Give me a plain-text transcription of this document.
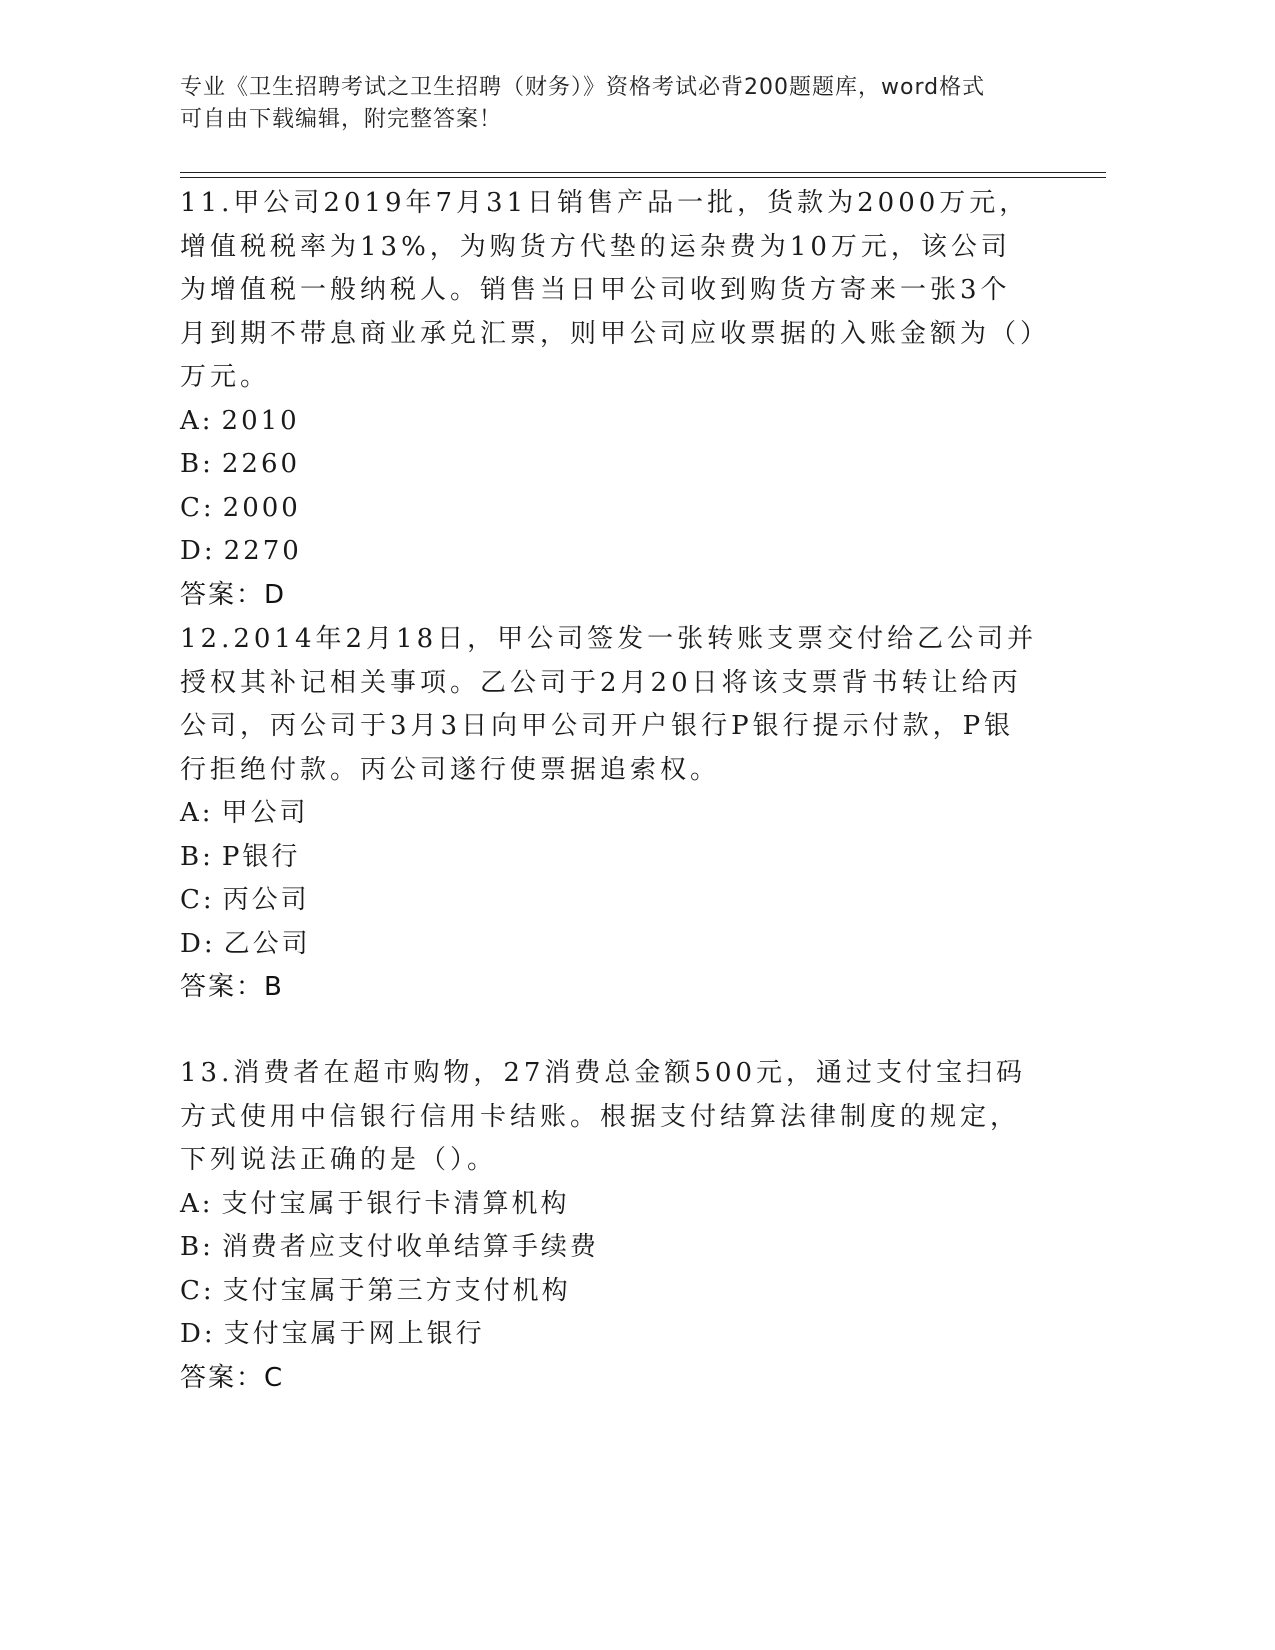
专业《卫生招聘考试之卫生招聘（财务）》资格考试必背200题题库，word格式
可自由下载编辑，附完整答案！
11.甲公司2019年7月31日销售产品一批，货款为2000万元，增值税税率为13%，为购货方代垫的运杂费为10万元，该公司为增值税一般纳税人。销售当日甲公司收到购货方寄来一张3个月到期不带息商业承兑汇票，则甲公司应收票据的入账金额为（）万元。
A: 2010
B: 2260
C: 2000
D: 2270
答案：D
12.2014年2月18日，甲公司签发一张转账支票交付给乙公司并授权其补记相关事项。乙公司于2月20日将该支票背书转让给丙公司，丙公司于3月3日向甲公司开户银行P银行提示付款，P银行拒绝付款。丙公司遂行使票据追索权。
A: 甲公司
B: P银行
C: 丙公司
D: 乙公司
答案：B
13.消费者在超市购物，27消费总金额500元，通过支付宝扫码方式使用中信银行信用卡结账。根据支付结算法律制度的规定，下列说法正确的是（）。
A: 支付宝属于银行卡清算机构
B: 消费者应支付收单结算手续费
C: 支付宝属于第三方支付机构
D: 支付宝属于网上银行
答案：C
